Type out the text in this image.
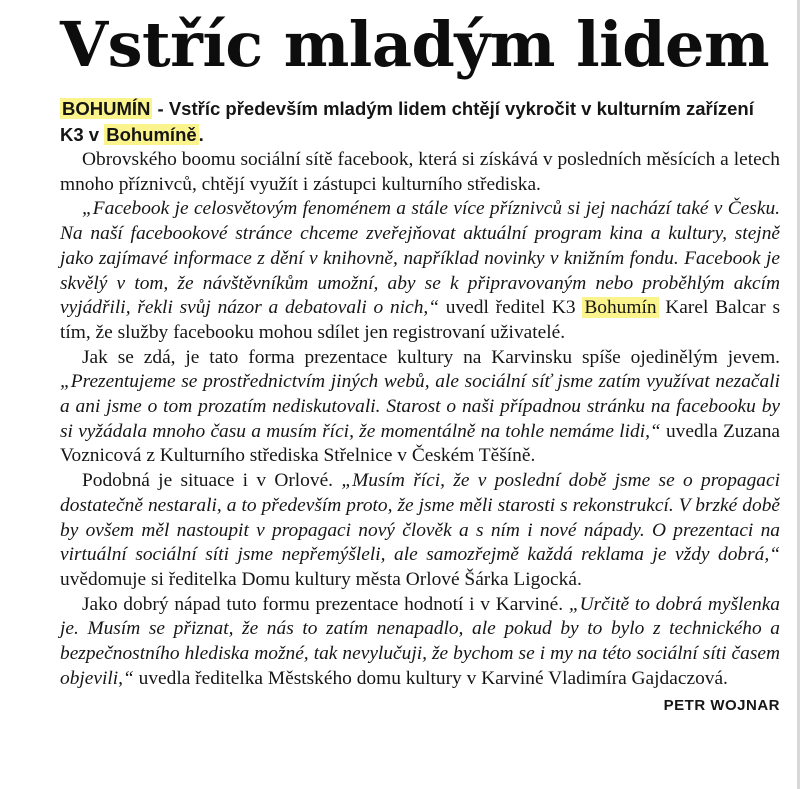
Vstříc mladým lidem
BOHUMÍN - Vstříc především mladým lidem chtějí vykročit v kulturním zařízení K3 v Bohumíně .

Obrovského boomu sociální sítě facebook, která si získává v posledních měsících a letech mnoho příznivců, chtějí využít i zástupci kulturního střediska.

„Facebook je celosvětovým fenoménem a stále více příznivců si jej nachází také v Česku. Na naší facebookové stránce chceme zveřejňovat aktuální program kina a kultury, stejně jako zajímavé informace z dění v knihovně, například novinky v knižním fondu. Facebook je skvělý v tom, že návštěvníkům umožní, aby se k připravovaným nebo proběhlým akcím vyjádřili, řekli svůj názor a debatovali o nich,“ uvedl ředitel K3 Bohumín Karel Balcar s tím, že služby facebooku mohou sdílet jen registrovaní uživatelé.

Jak se zdá, je tato forma prezentace kultury na Karvinsku spíše ojedinělým jevem. „Prezentujeme se prostřednictvím jiných webů, ale sociální síť jsme zatím využívat nezačali a ani jsme o tom prozatím nediskutovali. Starost o naši případnou stránku na facebooku by si vyžádala mnoho času a musím říci, že momentálně na tohle nemáme lidi,“ uvedla Zuzana Voznicová z Kulturního střediska Střelnice v Českém Těšíně.

Podobná je situace i v Orlové. „Musím říci, že v poslední době jsme se o propagaci dostatečně nestarali, a to především proto, že jsme měli starosti s rekonstrukcí. V brzké době by ovšem měl nastoupit v propagaci nový člověk a s ním i nové nápady. O prezentaci na virtuální sociální síti jsme nepřemýšleli, ale samozřejmě každá reklama je vždy dobrá,“ uvědomuje si ředitelka Domu kultury města Orlové Šárka Ligocká.

Jako dobrý nápad tuto formu prezentace hodnotí i v Karviné. „Určitě to dobrá myšlenka je. Musím se přiznat, že nás to zatím nenapadlo, ale pokud by to bylo z technického a bezpečnostního hlediska možné, tak nevylučuji, že bychom se i my na této sociální síti časem objevili,“ uvedla ředitelka Městského domu kultury v Karviné Vladimíra Gajdaczová.
PETR WOJNAR
